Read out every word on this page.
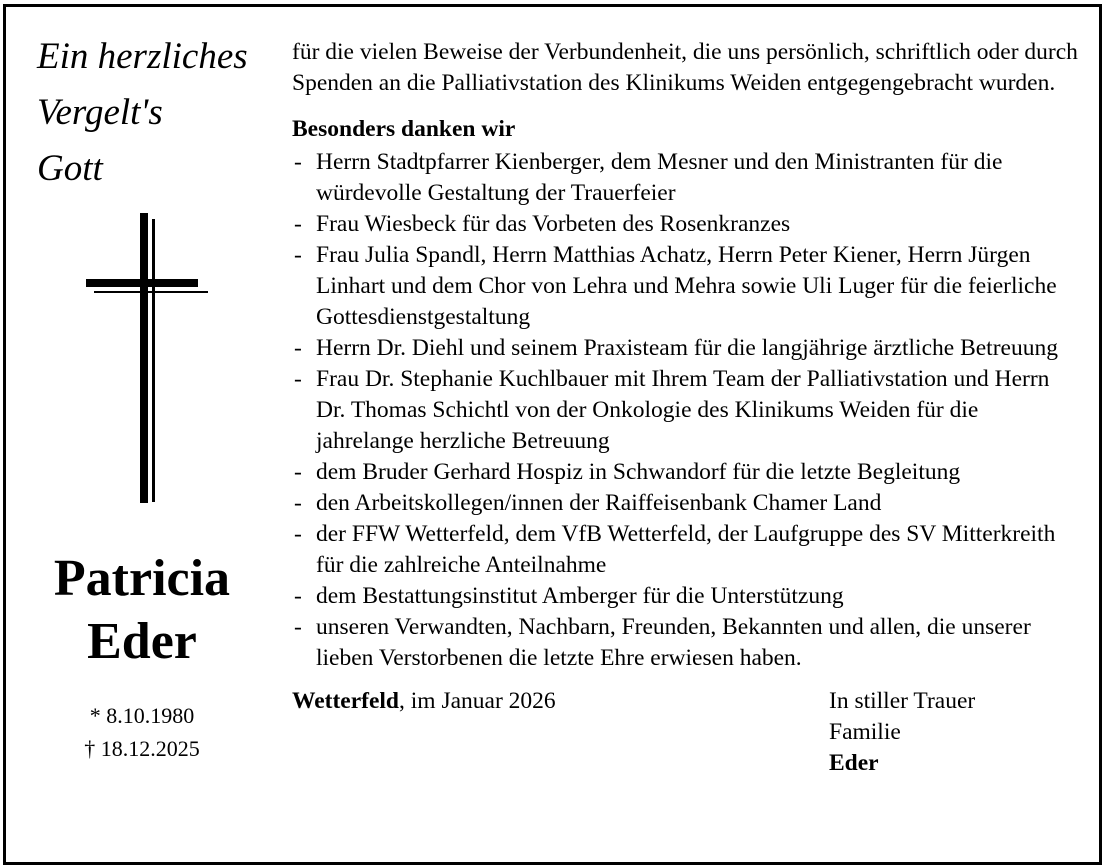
Ein herzliches
Vergelt's
Gott
Patricia
Eder
* 8.10.1980
† 18.12.2025

für die vielen Beweise der Verbundenheit, die uns persönlich, schriftlich oder durch Spenden an die Palliativstation des Klinikums Weiden entgegengebracht wurden.

Besonders danken wir

- Herrn Stadtpfarrer Kienberger, dem Mesner und den Ministranten für die würdevolle Gestaltung der Trauerfeier
- Frau Wiesbeck für das Vorbeten des Rosenkranzes
- Frau Julia Spandl, Herrn Matthias Achatz, Herrn Peter Kiener, Herrn Jürgen Linhart und dem Chor von Lehra und Mehra sowie Uli Luger für die feierliche Gottesdienstgestaltung
- Herrn Dr. Diehl und seinem Praxisteam für die langjährige ärztliche Betreuung
- Frau Dr. Stephanie Kuchlbauer mit Ihrem Team der Palliativstation und Herrn Dr. Thomas Schichtl von der Onkologie des Klinikums Weiden für die jahrelange herzliche Betreuung
- dem Bruder Gerhard Hospiz in Schwandorf für die letzte Begleitung
- den Arbeitskollegen/innen der Raiffeisenbank Chamer Land
- der FFW Wetterfeld, dem VfB Wetterfeld, der Laufgruppe des SV Mitterkreith für die zahlreiche Anteilnahme
- dem Bestattungsinstitut Amberger für die Unterstützung
- unseren Verwandten, Nachbarn, Freunden, Bekannten und allen, die unserer lieben Verstorbenen die letzte Ehre erwiesen haben.
Wetterfeld, im Januar 2026	In stiller Trauer
Familie
Eder
